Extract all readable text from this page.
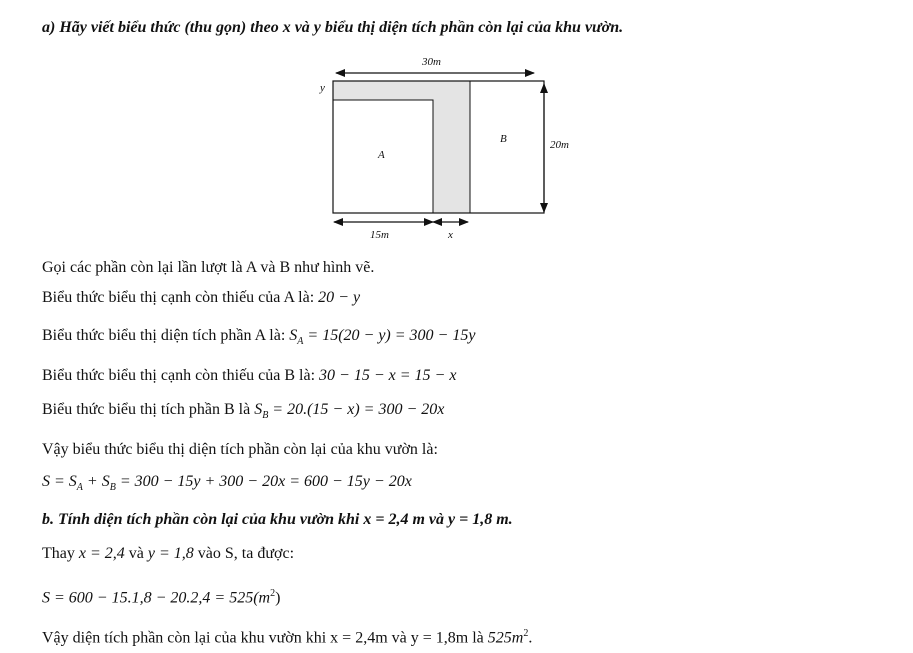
a) Hãy viết biểu thức (thu gọn) theo x và y biểu thị diện tích phần còn lại của khu vườn.
30m
20m
15m	x
y
A
B
Gọi các phần còn lại lần lượt là A và B như hình vẽ.
Biểu thức biểu thị cạnh còn thiếu của A là: 20 − y
Biểu thức biểu thị diện tích phần A là: $S_A = 15(20 - y) = 300 - 15y$
Biểu thức biểu thị cạnh còn thiếu của B là: 30 − 15 − x = 15 − x
Biểu thức biểu thị tích phần B là $S_B = 20.(15 - x) = 300 - 20x$
Vậy biểu thức biểu thị diện tích phần còn lại của khu vườn là:
$S = S_A + S_B = 300 - 15y + 300 - 20x = 600 - 15y - 20x$
b. Tính diện tích phần còn lại của khu vườn khi x = 2,4 m và y = 1,8 m.
Thay x = 2,4 và y = 1,8 vào S, ta được:
$S = 600 - 15.1,8 - 20.2,4 = 525(m^2)$
Vậy diện tích phần còn lại của khu vườn khi x = 2,4m và y = 1,8m là $525m^2$.
